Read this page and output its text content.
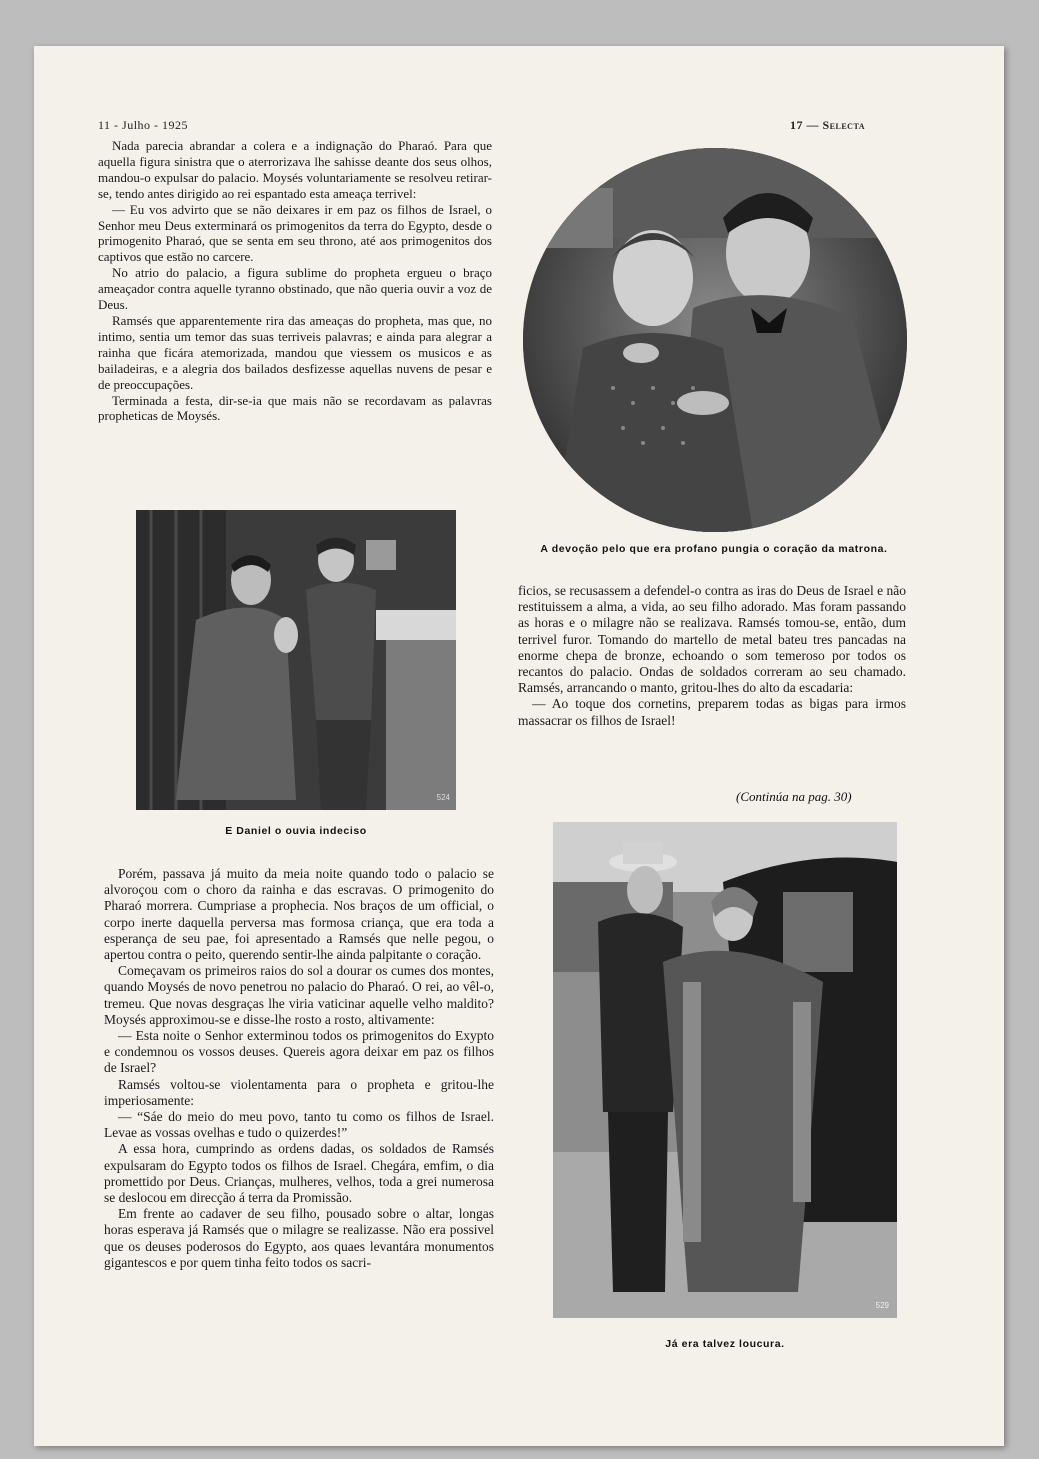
11 - Julho - 1925	17 — Selecta

Nada parecia abrandar a colera e a indignação do Pharaó. Para que aquella figura sinistra que o aterrorizava lhe sahisse deante dos seus olhos, mandou-o expulsar do palacio. Moysés voluntariamente se resolveu retirar-se, tendo antes dirigido ao rei espantado esta ameaça terrivel:

— Eu vos advirto que se não deixares ir em paz os filhos de Israel, o Senhor meu Deus exterminará os primogenitos da terra do Egypto, desde o primogenito Pharaó, que se senta em seu throno, até aos primogenitos dos captivos que estão no carcere.

No atrio do palacio, a figura sublime do propheta ergueu o braço ameaçador contra aquelle tyranno obstinado, que não queria ouvir a voz de Deus.

Ramsés que apparentemente rira das ameaças do propheta, mas que, no intimo, sentia um temor das suas terriveis palavras; e ainda para alegrar a rainha que ficára atemorizada, mandou que viessem os musicos e as bailadeiras, e a alegria dos bailados desfizesse aquellas nuvens de pesar e de preoccupações.

Terminada a festa, dir-se-ia que mais não se recordavam as palavras propheticas de Moysés.

A devoção pelo que era profano pungia o coração da matrona.
524
E Daniel o ouvia indeciso

ficios, se recusassem a defendel-o contra as iras do Deus de Israel e não restituissem a alma, a vida, ao seu filho adorado. Mas foram passando as horas e o milagre não se realizava. Ramsés tomou-se, então, dum terrivel furor. Tomando do martello de metal bateu tres pancadas na enorme chepa de bronze, echoando o som temeroso por todos os recantos do palacio. Ondas de soldados correram ao seu chamado. Ramsés, arrancando o manto, gritou-lhes do alto da escadaria:

— Ao toque dos cornetins, preparem todas as bigas para irmos massacrar os filhos de Israel!

(Continúa na pag. 30)

Porém, passava já muito da meia noite quando todo o palacio se alvoroçou com o choro da rainha e das escravas. O primogenito do Pharaó morrera. Cumpriase a prophecia. Nos braços de um official, o corpo inerte daquella perversa mas formosa criança, que era toda a esperança de seu pae, foi apresentado a Ramsés que nelle pegou, o apertou contra o peito, querendo sentir-lhe ainda palpitante o coração.

Começavam os primeiros raios do sol a dourar os cumes dos montes, quando Moysés de novo penetrou no palacio do Pharaó. O rei, ao vêl-o, tremeu. Que novas desgraças lhe viria vaticinar aquelle velho maldito? Moysés approximou-se e disse-lhe rosto a rosto, altivamente:

— Esta noite o Senhor exterminou todos os primogenitos do Exypto e condemnou os vossos deuses. Quereis agora deixar em paz os filhos de Israel?

Ramsés voltou-se violentamenta para o propheta e gritou-lhe imperiosamente:

— “Sáe do meio do meu povo, tanto tu como os filhos de Israel. Levae as vossas ovelhas e tudo o quizerdes!”

A essa hora, cumprindo as ordens dadas, os soldados de Ramsés expulsaram do Egypto todos os filhos de Israel. Chegára, emfim, o dia promettido por Deus. Crianças, mulheres, velhos, toda a grei numerosa se deslocou em direcção á terra da Promissão.

Em frente ao cadaver de seu filho, pousado sobre o altar, longas horas esperava já Ramsés que o milagre se realizasse. Não era possivel que os deuses poderosos do Egypto, aos quaes levantára monumentos gigantescos e por quem tinha feito todos os sacri-

529
Já era talvez loucura.
